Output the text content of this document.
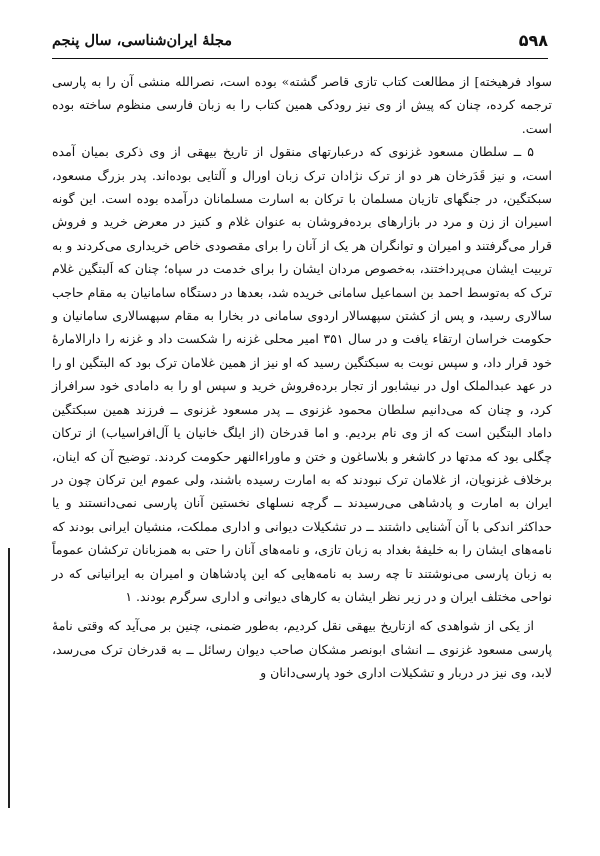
۵۹۸
مجلهٔ ایران‌شناسی، سال پنجم

سواد فرهیخته] از مطالعت کتاب تازی قاصر گشته» بوده است، نصرالله منشی آن را به پارسی ترجمه کرده، چنان که پیش از وی نیز رودکی همین کتاب را به زبان فارسی منظوم ساخته بوده است.

۵ ــ سلطان مسعود غزنوی که درعبارتهای منقول از تاریخ بیهقی از وی ذکری بمیان آمده است، و نیز قَدَرخان هر دو از ترک نژادان ترک زبان اورال و آلتایی بوده‌اند. پدر بزرگ مسعود، سبکتگین، در جنگهای تازیان مسلمان با ترکان به اسارت مسلمانان درآمده بوده است. این گونه اسیران از زن و مرد در بازارهای برده‌فروشان به عنوان غلام و کنیز در معرض خرید و فروش قرار می‌گرفتند و امیران و توانگران هر یک از آنان را برای مقصودی خاص خریداری می‌کردند و به تربیت ایشان می‌پرداختند، به‌خصوص مردان ایشان را برای خدمت در سپاه؛ چنان که اَلبتگین غلام ترک که به‌توسط احمد بن اسماعیل سامانی خریده شد، بعدها در دستگاه سامانیان به مقام حاجب سالاری رسید، و پس از کشتن سپهسالار اردوی سامانی در بخارا به مقام سپهسالاری سامانیان و حکومت خراسان ارتقاء یافت و در سال ۳۵۱ امیر محلی غزنه را شکست داد و غزنه را دارالاماره‌ٔ خود قرار داد، و سپس نوبت به سبکتگین رسید که او نیز از همین غلامان ترک بود که البتگین او را در عهد عبدالملک اول در نیشابور از تجار برده‌فروش خرید و سپس او را به دامادی خود سرافراز کرد، و چنان که می‌دانیم سلطان محمود غزنوی ــ پدر مسعود غزنوی ــ فرزند همین سبکتگین داماد البتگین است که از وی نام بردیم. و اما قدرخان (از ایلگ خانیان یا آل‌افراسیاب) از ترکان چگلی بود که مدتها در کاشغر و بلاساغون و ختن و ماوراءالنهر حکومت کردند. توضیح آن که اینان، برخلاف غزنویان، از غلامان ترک نبودند که به امارت رسیده باشند، ولی عموم این ترکان چون در ایران به امارت و پادشاهی می‌رسیدند ــ گرچه نسلهای نخستین آنان پارسی نمی‌دانستند و یا حداکثر اندکی با آن آشنایی داشتند ــ در تشکیلات دیوانی و اداری مملکت، منشیان ایرانی بودند که نامه‌های ایشان را به خلیفهٔ بغداد به زبان تازی، و نامه‌های آنان را حتی به همزبانان ترکشان عموماً به زبان پارسی می‌نوشتند تا چه رسد به نامه‌هایی که این پادشاهان و امیران به ایرانیانی که در نواحی مختلف ایران و در زیر نظر ایشان به کارهای دیوانی و اداری سرگرم بودند. ۱

از یکی از شواهدی که ازتاریخ بیهقی نقل کردیم، به‌طور ضمنی، چنین بر می‌آید که وقتی نامهٔ پارسی مسعود غزنوی ــ انشای ابونصر مشکان صاحب دیوان رسائل ــ به قدرخان ترک می‌رسد، لابد، وی نیز در دربار و تشکیلات اداری خود پارسی‌دانان و
